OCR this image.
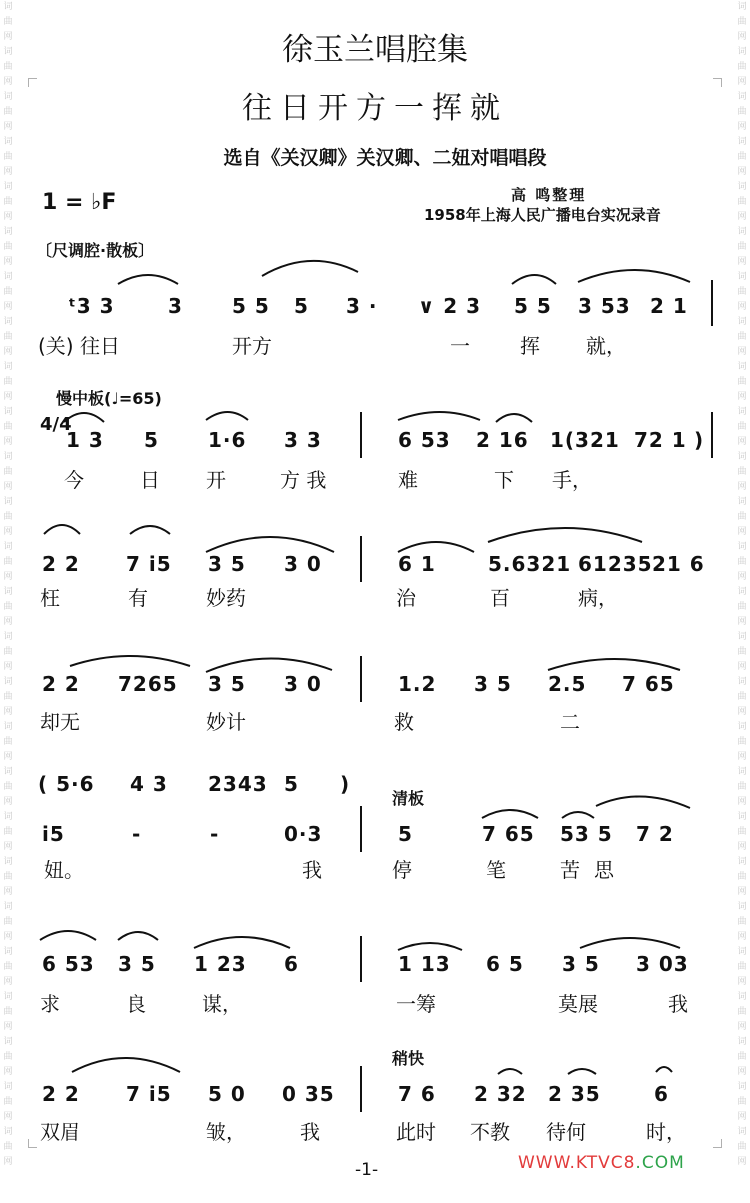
词曲网词曲网词曲网词曲网词曲网词曲网词曲网词曲网词曲网词曲网词曲网词曲网词曲网词曲网词曲网词曲网词曲网词曲网词曲网词曲网词曲网词曲网词曲网词曲网词曲网词曲网
词曲网词曲网词曲网词曲网词曲网词曲网词曲网词曲网词曲网词曲网词曲网词曲网词曲网词曲网词曲网词曲网词曲网词曲网词曲网词曲网词曲网词曲网词曲网词曲网词曲网词曲网
徐玉兰唱腔集
往日开方一挥就
选自《关汉卿》关汉卿、二妞对唱唱段
1 = ♭F	高 鸣整理
1958年上海人民广播电台实况录音
〔尺调腔·散板〕
ᵗ3 3	3 5 5 5 3 · ∨ 2 3 5 5 3 53 2 1
(关) 往日	开方	一	挥 就，
慢中板(♩=65)
4/4
1 3 5 1·6 3 3	6 53 2 16 1(321 72 1 )
今	日 开	方 我	难	下 手，
2 2 7 i5 3 5 3 0	6 1	5.6321 61235 21 6
枉	有	妙药	治	百	病，
2 2 7265 3 5 3 0	1.2 3 5 2.5 7 65
却无	妙计	救	二
( 5·6 4 3 2343 5 )
清板
i5	-	-	0·3	5	7 65 53 5 7 2
妞。	我	停	笔	苦 思
6 53 3 5 1 23 6	1 13 6 5 3 5 3 03
求	良	谋，	一筹	莫展	我
稍快
2 2 7 i5 5 0 0 35	7 6 2 32 2 35	6
双眉	皱，	我	此时 不教 待何	时，
-1-	WWW.KTVC8.COM
